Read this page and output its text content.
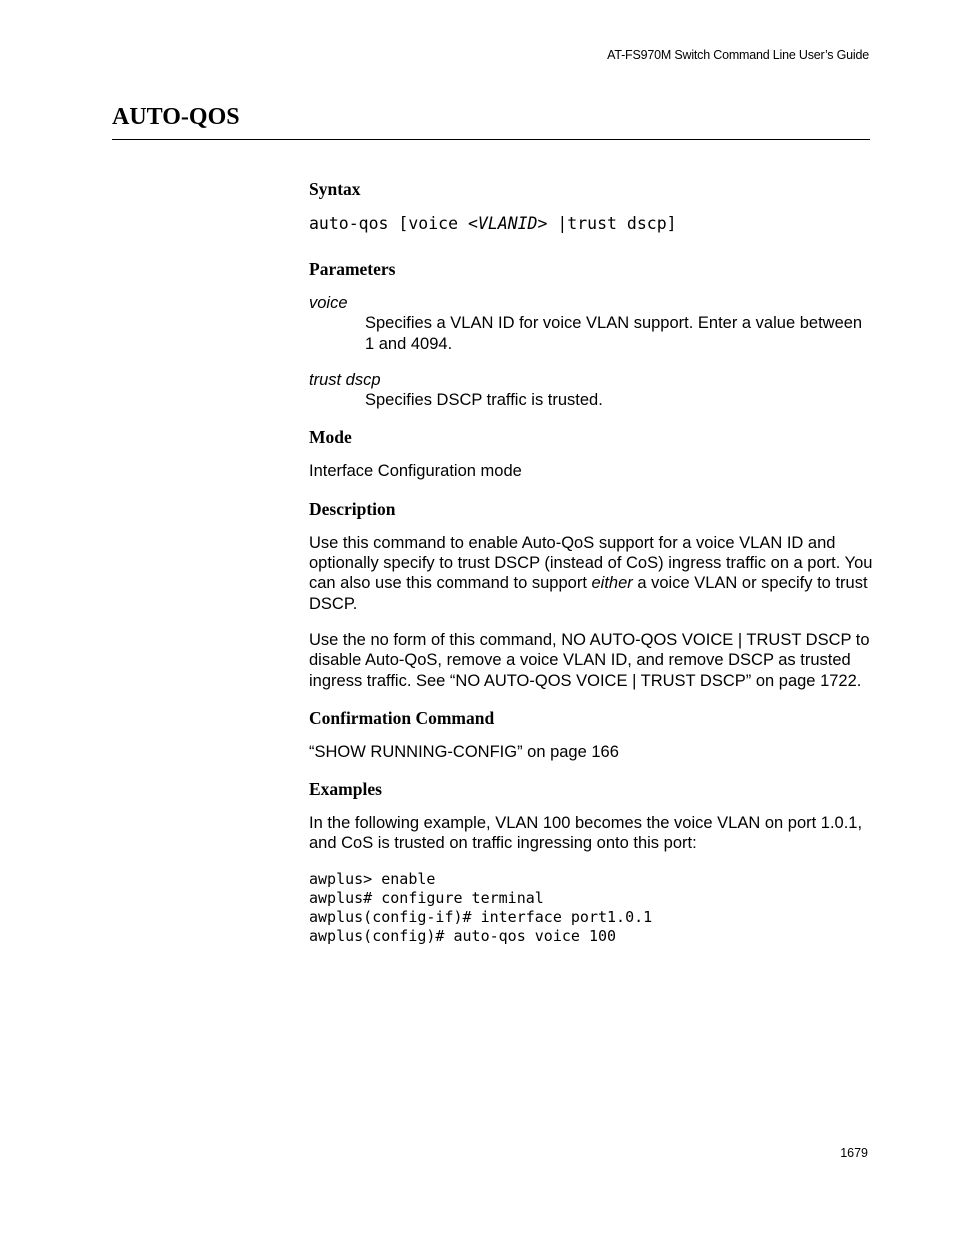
AT-FS970M Switch Command Line User’s Guide
AUTO-QOS
Syntax

auto-qos [voice <VLANID> |trust dscp]

Parameters

voice

Specifies a VLAN ID for voice VLAN support. Enter a value between 1 and 4094.

trust dscp

Specifies DSCP traffic is trusted.

Mode

Interface Configuration mode

Description

Use this command to enable Auto-QoS support for a voice VLAN ID and optionally specify to trust DSCP (instead of CoS) ingress traffic on a port. You can also use this command to support either a voice VLAN or specify to trust DSCP.

Use the no form of this command, NO AUTO-QOS VOICE | TRUST DSCP to disable Auto-QoS, remove a voice VLAN ID, and remove DSCP as trusted ingress traffic. See “NO AUTO-QOS VOICE | TRUST DSCP” on page 1722.

Confirmation Command

“SHOW RUNNING-CONFIG” on page 166

Examples

In the following example, VLAN 100 becomes the voice VLAN on port 1.0.1, and CoS is trusted on traffic ingressing onto this port:

awplus> enable
awplus# configure terminal
awplus(config-if)# interface port1.0.1
awplus(config)# auto-qos voice 100
1679
